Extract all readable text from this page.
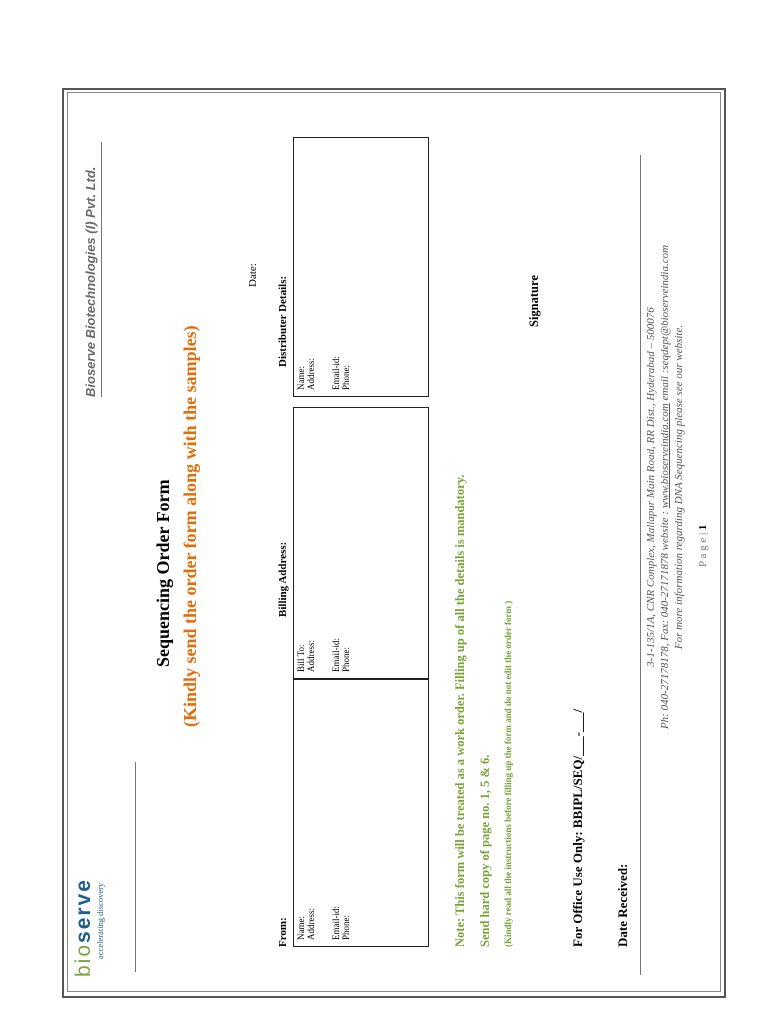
bioserve accelerating discovery
Bioserve Biotechnologies (I) Pvt. Ltd.
Sequencing Order Form (Kindly send the order form along with the samples)
Date:
From: Name: Address: Email-id: Phone:
Billing Address:
Bill To: Address: Email-id: Phone:
Distributer Details:
Name: Address: Email-id: Phone:
Note: This form will be treated as a work order. Filling up of all the details is mandatory. Send hard copy of page no. 1, 5 & 6. (Kindly read all the instructions before filling up the form and do not edit the order form )
Signature
For Office Use Only: BBIPL/SEQ/___-___/ Date Received:
3-1-135/1A, CNR Complex, Mallapur Main Road, RR Dist., Hyderabad – 500076 Ph: 040-27178178, Fax: 040-27171878 website : www.bioserveindia.com email :seqdept@bioserveindia.com
For more information regarding DNA Sequencing please see our website. P a g e | 1
